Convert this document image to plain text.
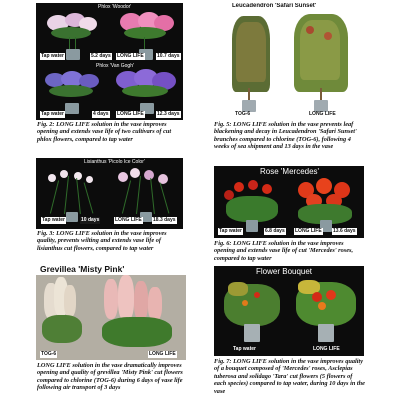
Phlox 'Woodor'
Tap water	5.2 days LONG LIFE	10.7 days
Phlox 'Van Gogh'
Tap water	4 days LONG LIFE	12.3 days
Fig. 2: LONG LIFE solution in the vase improves opening and extends vase life of two cultivars of cut phlox flowers, compared to tap water
Lisianthus 'Picolo Ice Color'
Tap water	10 days	LONG LIFE 18.3 days
Fig. 3: LONG LIFE solution in the vase improves quality, prevents wilting and extends vase life of lisianthus cut flowers, compared to tap water
Grevillea 'Misty Pink'
TOG-6	LONG LIFE
LONG LIFE solution in the vase dramatically improves opening and quality of grevillea 'Misty Pink' cut flowers compared to chlorine (TOG-6) during 6 days of vase life following air transport of 3 days
Leucadendron 'Safari Sunset'
TOG-6	LONG LIFE
Fig. 5: LONG LIFE solution in the vase prevents leaf blackening and decay in Leucadendron 'Safari Sunset' branches compared to chlorine (TOG-6), following 4 weeks of sea shipment and 13 days in the vase
Rose 'Mercedes'
Tap water	6.8 days LONG LIFE 13.6 days
Fig. 6: LONG LIFE solution in the vase improves opening and extends vase life of cut 'Mercedes' roses, compared to tap water
Flower Bouquet
Tap water	LONG LIFE
Fig. 7: LONG LIFE solution in the vase improves quality of a bouquet composed of 'Mercedes' roses, Asclepias tuberosa and solidago 'Tara' cut flowers (5 flowers of each species) compared to tap water, during 10 days in the vase
